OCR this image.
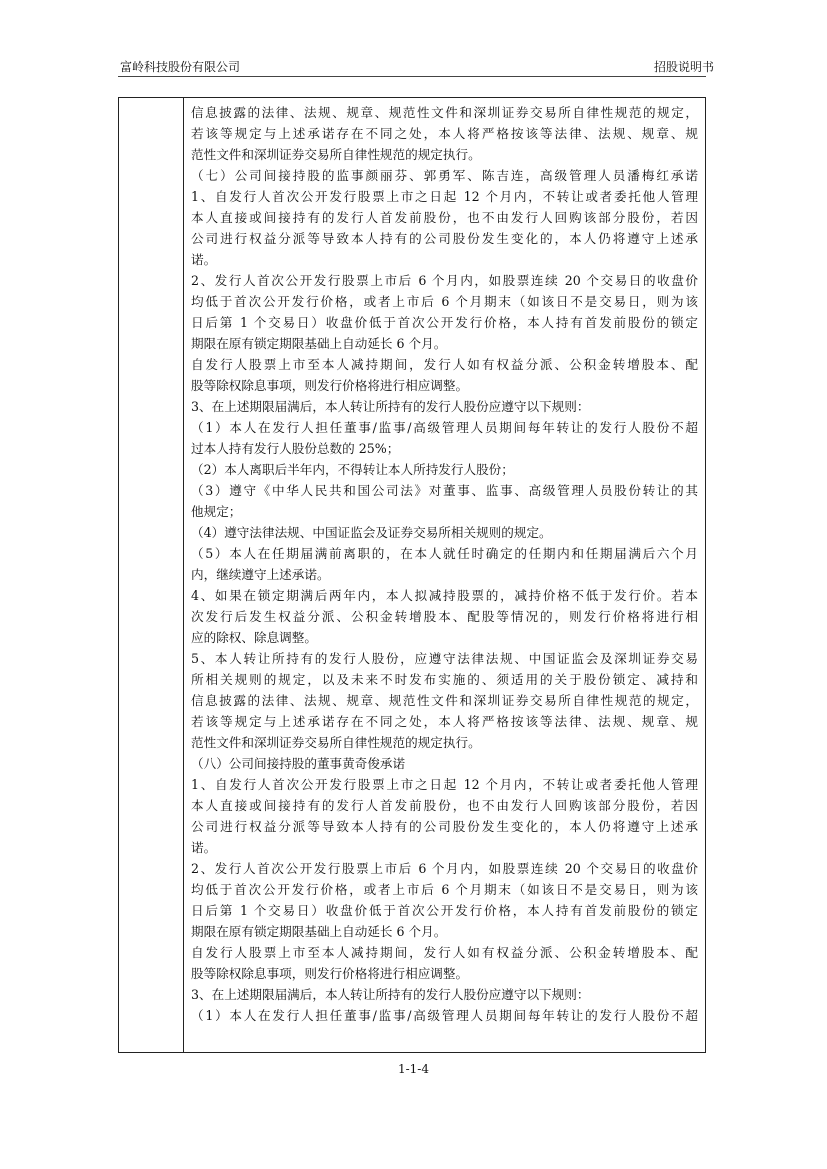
富岭科技股份有限公司	招股说明书
信息披露的法律、法规、规章、规范性文件和深圳证券交易所自律性规范的规定，
若该等规定与上述承诺存在不同之处，本人将严格按该等法律、法规、规章、规
范性文件和深圳证券交易所自律性规范的规定执行。
（七）公司间接持股的监事颜丽芬、郭勇军、陈吉连，高级管理人员潘梅红承诺
1、自发行人首次公开发行股票上市之日起 12 个月内，不转让或者委托他人管理
本人直接或间接持有的发行人首发前股份，也不由发行人回购该部分股份，若因
公司进行权益分派等导致本人持有的公司股份发生变化的，本人仍将遵守上述承
诺。
2、发行人首次公开发行股票上市后 6 个月内，如股票连续 20 个交易日的收盘价
均低于首次公开发行价格，或者上市后 6 个月期末（如该日不是交易日，则为该
日后第 1 个交易日）收盘价低于首次公开发行价格，本人持有首发前股份的锁定
期限在原有锁定期限基础上自动延长 6 个月。
自发行人股票上市至本人减持期间，发行人如有权益分派、公积金转增股本、配
股等除权除息事项，则发行价格将进行相应调整。
3、在上述期限届满后，本人转让所持有的发行人股份应遵守以下规则：
（1）本人在发行人担任董事/监事/高级管理人员期间每年转让的发行人股份不超
过本人持有发行人股份总数的 25%；
（2）本人离职后半年内，不得转让本人所持发行人股份；
（3）遵守《中华人民共和国公司法》对董事、监事、高级管理人员股份转让的其
他规定；
（4）遵守法律法规、中国证监会及证券交易所相关规则的规定。
（5）本人在任期届满前离职的，在本人就任时确定的任期内和任期届满后六个月
内，继续遵守上述承诺。
4、如果在锁定期满后两年内，本人拟减持股票的，减持价格不低于发行价。若本
次发行后发生权益分派、公积金转增股本、配股等情况的，则发行价格将进行相
应的除权、除息调整。
5、本人转让所持有的发行人股份，应遵守法律法规、中国证监会及深圳证券交易
所相关规则的规定，以及未来不时发布实施的、须适用的关于股份锁定、减持和
信息披露的法律、法规、规章、规范性文件和深圳证券交易所自律性规范的规定，
若该等规定与上述承诺存在不同之处，本人将严格按该等法律、法规、规章、规
范性文件和深圳证券交易所自律性规范的规定执行。
（八）公司间接持股的董事黄奇俊承诺
1、自发行人首次公开发行股票上市之日起 12 个月内，不转让或者委托他人管理
本人直接或间接持有的发行人首发前股份，也不由发行人回购该部分股份，若因
公司进行权益分派等导致本人持有的公司股份发生变化的，本人仍将遵守上述承
诺。
2、发行人首次公开发行股票上市后 6 个月内，如股票连续 20 个交易日的收盘价
均低于首次公开发行价格，或者上市后 6 个月期末（如该日不是交易日，则为该
日后第 1 个交易日）收盘价低于首次公开发行价格，本人持有首发前股份的锁定
期限在原有锁定期限基础上自动延长 6 个月。
自发行人股票上市至本人减持期间，发行人如有权益分派、公积金转增股本、配
股等除权除息事项，则发行价格将进行相应调整。
3、在上述期限届满后，本人转让所持有的发行人股份应遵守以下规则：
（1）本人在发行人担任董事/监事/高级管理人员期间每年转让的发行人股份不超
1-1-4
